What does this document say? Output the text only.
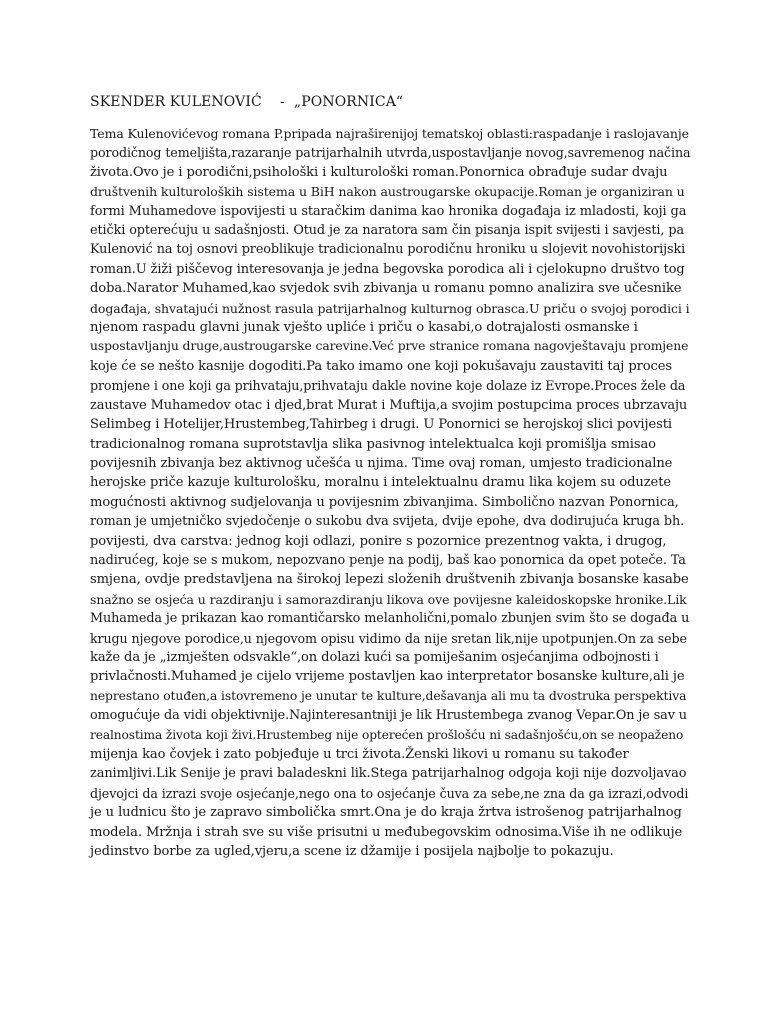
SKENDER KULENOVIĆ    -  „PONORNICA“

Tema Kulenovićevog romana P.pripada najraširenijoj tematskoj oblasti:raspadanje i raslojavanje
porodičnog temeljišta,razaranje patrijarhalnih utvrda,uspostavljanje novog,savremenog načina
života.Ovo je i porodični,psihološki i kulturološki roman.Ponornica obrađuje sudar dvaju
društvenih kulturoloških sistema u BiH nakon austrougarske okupacije.Roman je organiziran u
formi Muhamedove ispovijesti u staračkim danima kao hronika događaja iz mladosti, koji ga
etički opterećuju u sadašnjosti. Otud je za naratora sam čin pisanja ispit svijesti i savjesti, pa
Kulenović na toj osnovi preoblikuje tradicionalnu porodičnu hroniku u slojevit novohistorijski
roman.U žiži piščevog interesovanja je jedna begovska porodica ali i cjelokupno društvo tog
doba.Narator Muhamed,kao svjedok svih zbivanja u romanu pomno analizira sve učesnike
događaja, shvatajući nužnost rasula patrijarhalnog kulturnog obrasca.U priču o svojoj porodici i
njenom raspadu glavni junak vješto upliće i priču o kasabi,o dotrajalosti osmanske i
uspostavljanju druge,austrougarske carevine.Već prve stranice romana nagovještavaju promjene
koje će se nešto kasnije dogoditi.Pa tako imamo one koji pokušavaju zaustaviti taj proces
promjene i one koji ga prihvataju,prihvataju dakle novine koje dolaze iz Evrope.Proces žele da
zaustave Muhamedov otac i djed,brat Murat i Muftija,a svojim postupcima proces ubrzavaju
Selimbeg i Hotelijer,Hrustembeg,Tahirbeg i drugi. U Ponornici se herojskoj slici povijesti
tradicionalnog romana suprotstavlja slika pasivnog intelektualca koji promišlja smisao
povijesnih zbivanja bez aktivnog učešća u njima. Time ovaj roman, umjesto tradicionalne
herojske priče kazuje kulturološku, moralnu i intelektualnu dramu lika kojem su oduzete
mogućnosti aktivnog sudjelovanja u povijesnim zbivanjima. Simbolično nazvan Ponornica,
roman je umjetničko svjedočenje o sukobu dva svijeta, dvije epohe, dva dodirujuća kruga bh.
povijesti, dva carstva: jednog koji odlazi, ponire s pozornice prezentnog vakta, i drugog,
nadirućeg, koje se s mukom, nepozvano penje na podij, baš kao ponornica da opet poteče. Ta
smjena, ovdje predstavljena na širokoj lepezi složenih društvenih zbivanja bosanske kasabe
snažno se osjeća u razdiranju i samorazdiranju likova ove povijesne kaleidoskopske hronike.Lik
Muhameda je prikazan kao romantičarsko melanholični,pomalo zbunjen svim što se događa u
krugu njegove porodice,u njegovom opisu vidimo da nije sretan lik,nije upotpunjen.On za sebe
kaže da je „izmješten odsvakle“,on dolazi kući sa pomiješanim osjećanjima odbojnosti i
privlačnosti.Muhamed je cijelo vrijeme postavljen kao interpretator bosanske kulture,ali je
neprestano otuđen,a istovremeno je unutar te kulture,dešavanja ali mu ta dvostruka perspektiva
omogućuje da vidi objektivnije.Najinteresantniji je lik Hrustembega zvanog Vepar.On je sav u
realnostima života koji živi.Hrustembeg nije opterećen prošlošću ni sadašnjošću,on se neopaženo
mijenja kao čovjek i zato pobjeđuje u trci života.Ženski likovi u romanu su također
zanimljivi.Lik Senije je pravi baladeskni lik.Stega patrijarhalnog odgoja koji nije dozvoljavao
djevojci da izrazi svoje osjećanje,nego ona to osjećanje čuva za sebe,ne zna da ga izrazi,odvodi
je u ludnicu što je zapravo simbolička smrt.Ona je do kraja žrtva istrošenog patrijarhalnog
modela. Mržnja i strah sve su više prisutni u međubegovskim odnosima.Više ih ne odlikuje
jedinstvo borbe za ugled,vjeru,a scene iz džamije i posijela najbolje to pokazuju.
